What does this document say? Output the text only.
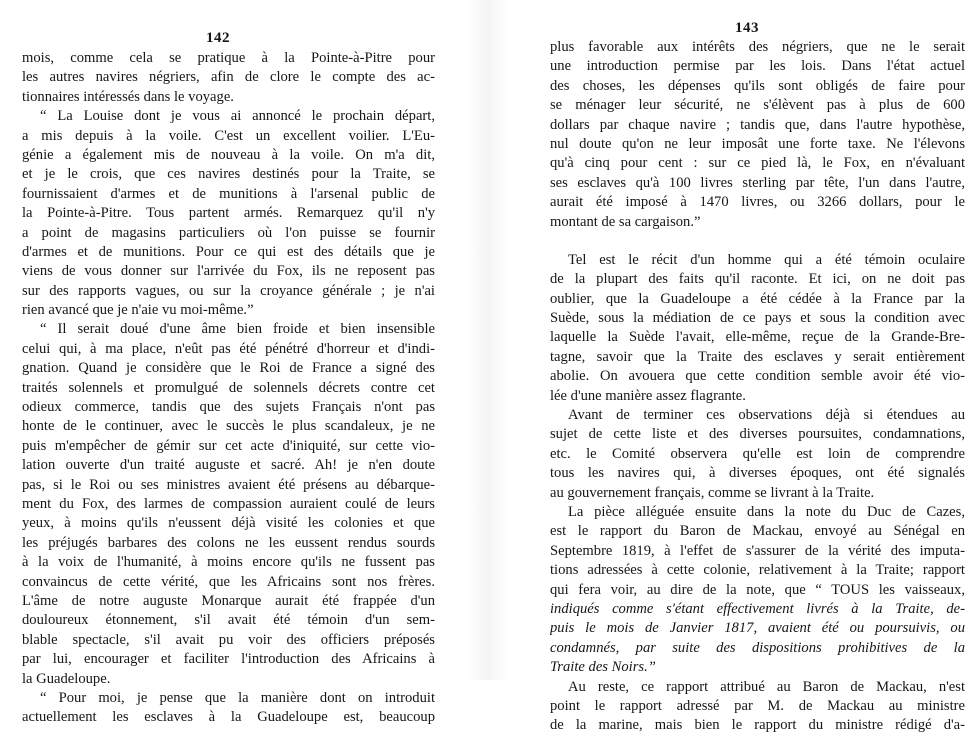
142
mois, comme cela se pratique à la Pointe-à-Pitre pour
les autres navires négriers, afin de clore le compte des ac-
tionnaires intéressés dans le voyage.
“ La Louise dont je vous ai annoncé le prochain départ,
a mis depuis à la voile. C'est un excellent voilier. L'Eu-
génie a également mis de nouveau à la voile. On m'a dit,
et je le crois, que ces navires destinés pour la Traite, se
fournissaient d'armes et de munitions à l'arsenal public de
la Pointe-à-Pitre. Tous partent armés. Remarquez qu'il n'y
a point de magasins particuliers où l'on puisse se fournir
d'armes et de munitions. Pour ce qui est des détails que je
viens de vous donner sur l'arrivée du Fox, ils ne reposent pas
sur des rapports vagues, ou sur la croyance générale ; je n'ai
rien avancé que je n'aie vu moi-même.”
“ Il serait doué d'une âme bien froide et bien insensible
celui qui, à ma place, n'eût pas été pénétré d'horreur et d'indi-
gnation. Quand je considère que le Roi de France a signé des
traités solennels et promulgué de solennels décrets contre cet
odieux commerce, tandis que des sujets Français n'ont pas
honte de le continuer, avec le succès le plus scandaleux, je ne
puis m'empêcher de gémir sur cet acte d'iniquité, sur cette vio-
lation ouverte d'un traité auguste et sacré. Ah! je n'en doute
pas, si le Roi ou ses ministres avaient été présens au débarque-
ment du Fox, des larmes de compassion auraient coulé de leurs
yeux, à moins qu'ils n'eussent déjà visité les colonies et que
les préjugés barbares des colons ne les eussent rendus sourds
à la voix de l'humanité, à moins encore qu'ils ne fussent pas
convaincus de cette vérité, que les Africains sont nos frères.
L'âme de notre auguste Monarque aurait été frappée d'un
douloureux étonnement, s'il avait été témoin d'un sem-
blable spectacle, s'il avait pu voir des officiers préposés
par lui, encourager et faciliter l'introduction des Africains à
la Guadeloupe.
“ Pour moi, je pense que la manière dont on introduit
actuellement les esclaves à la Guadeloupe est, beaucoup
143
plus favorable aux intérêts des négriers, que ne le serait
une introduction permise par les lois. Dans l'état actuel
des choses, les dépenses qu'ils sont obligés de faire pour
se ménager leur sécurité, ne s'élèvent pas à plus de 600
dollars par chaque navire ; tandis que, dans l'autre hypothèse,
nul doute qu'on ne leur imposât une forte taxe. Ne l'élevons
qu'à cinq pour cent : sur ce pied là, le Fox, en n'évaluant
ses esclaves qu'à 100 livres sterling par tête, l'un dans l'autre,
aurait été imposé à 1470 livres, ou 3266 dollars, pour le
montant de sa cargaison.”
Tel est le récit d'un homme qui a été témoin oculaire
de la plupart des faits qu'il raconte. Et ici, on ne doit pas
oublier, que la Guadeloupe a été cédée à la France par la
Suède, sous la médiation de ce pays et sous la condition avec
laquelle la Suède l'avait, elle-même, reçue de la Grande-Bre-
tagne, savoir que la Traite des esclaves y serait entièrement
abolie. On avouera que cette condition semble avoir été vio-
lée d'une manière assez flagrante.
Avant de terminer ces observations déjà si étendues au
sujet de cette liste et des diverses poursuites, condamnations,
etc. le Comité observera qu'elle est loin de comprendre
tous les navires qui, à diverses époques, ont été signalés
au gouvernement français, comme se livrant à la Traite.
La pièce alléguée ensuite dans la note du Duc de Cazes,
est le rapport du Baron de Mackau, envoyé au Sénégal en
Septembre 1819, à l'effet de s'assurer de la vérité des imputa-
tions adressées à cette colonie, relativement à la Traite; rapport
qui fera voir, au dire de la note, que “ TOUS les vaisseaux,
indiqués comme s'étant effectivement livrés à la Traite, de-
puis le mois de Janvier 1817, avaient été ou poursuivis, ou
condamnés, par suite des dispositions prohibitives de la
Traite des Noirs.”
Au reste, ce rapport attribué au Baron de Mackau, n'est
point le rapport adressé par M. de Mackau au ministre
de la marine, mais bien le rapport du ministre rédigé d'a-
